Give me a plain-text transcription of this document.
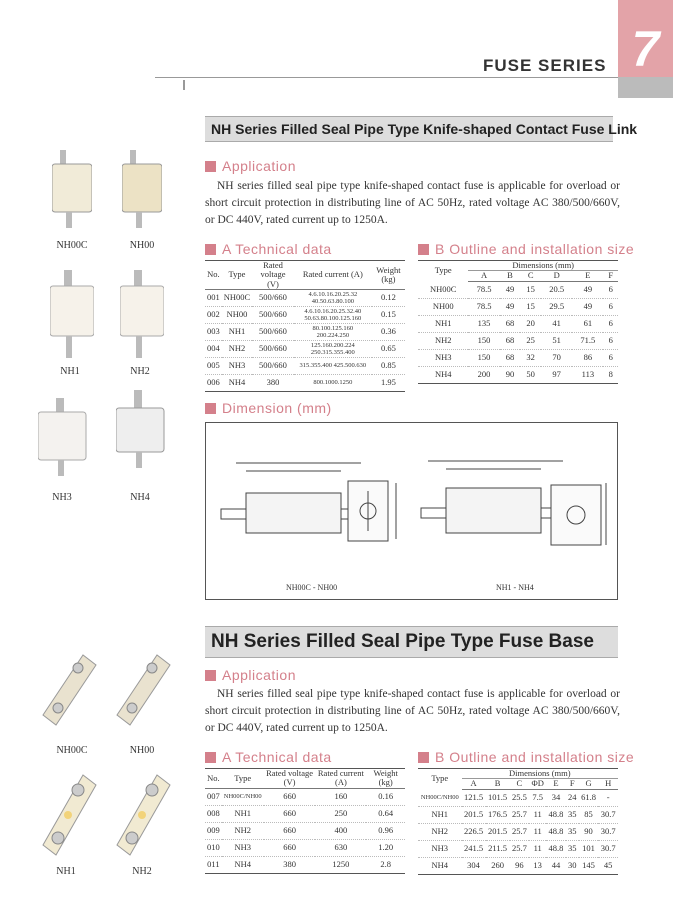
7
FUSE SERIES
NH Series Filled Seal Pipe Type Knife-shaped Contact Fuse Link
Application

NH series filled seal pipe type knife-shaped contact fuse is applicable for overload or short circuit protection in distributing line of AC 50Hz, rated voltage AC 380/500/660V, or DC 440V, rated current up to 1250A.

A Technical data	B Outline and installation size
No.	Type	Rated voltage (V)	Rated current (A)	Weight (kg)
001	NH00C	500/660	4.6.10.16.20.25.32 40.50.63.80.100	0.12
002	NH00	500/660	4.6.10.16.20.25.32.40 50.63.80.100.125.160	0.15
003	NH1	500/660	80.100.125.160 200.224.250	0.36
004	NH2	500/660	125.160.200.224 250.315.355.400	0.65
005	NH3	500/660	315.355.400 425.500.630	0.85
006	NH4	380	800.1000.1250	1.95
Type	Dimensions (mm)					
	A	B	C	D	E	F
NH00C	78.5	49	15	20.5	49	6
NH00	78.5	49	15	29.5	49	6
NH1	135	68	20	41	61	6
NH2	150	68	25	51	71.5	6
NH3	150	68	32	70	86	6
NH4	200	90	50	97	113	8
Dimension (mm)
NH00C - NH00	NH1 - NH4
NH00C	NH00
NH1	NH2
NH3	NH4
NH Series Filled Seal Pipe Type Fuse Base
Application

NH series filled seal pipe type knife-shaped contact fuse is applicable for overload or short circuit protection in distributing line of AC 50Hz, rated voltage AC 380/500/660V, or DC 440V, rated current up to 1250A.

A Technical data	B Outline and installation size
No.	Type	Rated voltage (V)	Rated current (A)	Weight (kg)
007	NH00C/NH00	660	160	0.16
008	NH1	660	250	0.64
009	NH2	660	400	0.96
010	NH3	660	630	1.20
011	NH4	380	1250	2.8
Type	Dimensions (mm)							
	A	B	C	ΦD	E	F	G	H
NH00C/NH00	121.5	101.5	25.5	7.5	34	24	61.8	-
NH1	201.5	176.5	25.7	11	48.8	35	85	30.7
NH2	226.5	201.5	25.7	11	48.8	35	90	30.7
NH3	241.5	211.5	25.7	11	48.8	35	101	30.7
NH4	304	260	96	13	44	30	145	45
NH00C	NH00
NH1	NH2
